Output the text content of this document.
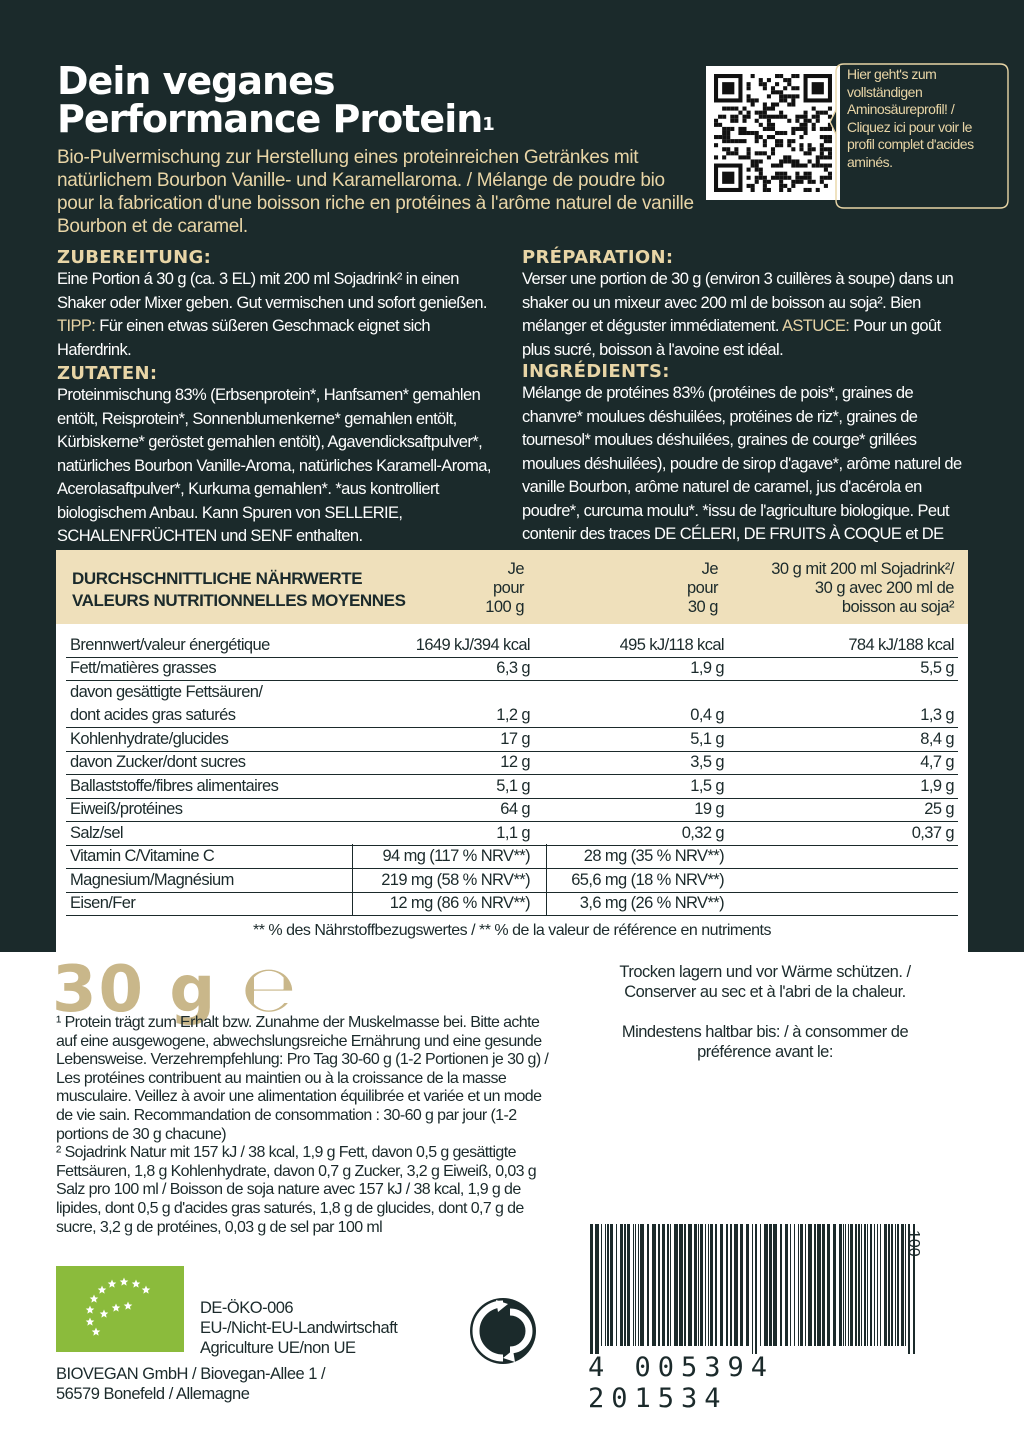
Dein veganes
Performance Protein$^1$
Bio-Pulvermischung zur Herstellung eines proteinreichen Getränkes mit natürlichem Bourbon Vanille- und Karamellaroma. / Mélange de poudre bio pour la fabrication d'une boisson riche en protéines à l'arôme naturel de vanille Bourbon et de caramel.
Hier geht's zum vollständigen Aminosäureprofil! / Cliquez ici pour voir le profil complet d'acides aminés.
ZUBEREITUNG:
Eine Portion á 30 g (ca. 3 EL) mit 200 ml Sojadrink² in einen Shaker oder Mixer geben. Gut vermischen und sofort genießen. TIPP: Für einen etwas süßeren Geschmack eignet sich Haferdrink.
ZUTATEN:
Proteinmischung 83% (Erbsenprotein*, Hanfsamen* gemahlen entölt, Reisprotein*, Sonnenblumenkerne* gemahlen entölt, Kürbiskerne* geröstet gemahlen entölt), Agavendicksaftpulver*, natürliches Bourbon Vanille-Aroma, natürliches Karamell-Aroma, Acerolasaftpulver*, Kurkuma gemahlen*. *aus kontrolliert biologischem Anbau. Kann Spuren von SELLERIE, SCHALENFRÜCHTEN und SENF enthalten.
PRÉPARATION:
Verser une portion de 30 g (environ 3 cuillères à soupe) dans un shaker ou un mixeur avec 200 ml de boisson au soja². Bien mélanger et déguster immédiatement. ASTUCE: Pour un goût plus sucré, boisson à l'avoine est idéal.
INGRÉDIENTS:
Mélange de protéines 83% (protéines de pois*, graines de chanvre* moulues déshuilées, protéines de riz*, graines de tournesol* moulues déshuilées, graines de courge* grillées moulues déshuilées), poudre de sirop d'agave*, arôme naturel de vanille Bourbon, arôme naturel de caramel, jus d'acérola en poudre*, curcuma moulu*. *issu de l'agriculture biologique. Peut contenir des traces DE CÉLERI, DE FRUITS À COQUE et DE
DURCHSCHNITTLICHE NÄHRWERTE
VALEURS NUTRITIONNELLES MOYENNES
Je
pour
100 g
Je
pour
30 g
30 g mit 200 ml Sojadrink²/
30 g avec 200 ml de
boisson au soja²
Brennwert/valeur énergétique	1649 kJ/394 kcal	495 kJ/118 kcal	784 kJ/188 kcal
Fett/matières grasses	6,3 g	1,9 g	5,5 g
davon gesättigte Fettsäuren/
dont acides gras saturés	1,2 g	0,4 g	1,3 g
Kohlenhydrate/glucides	17 g	5,1 g	8,4 g
davon Zucker/dont sucres	12 g	3,5 g	4,7 g
Ballaststoffe/fibres alimentaires	5,1 g	1,5 g	1,9 g
Eiweiß/protéines	64 g	19 g	25 g
Salz/sel	1,1 g	0,32 g	0,37 g
Vitamin C/Vitamine C	94 mg (117 % NRV**)	28 mg (35 % NRV**)
Magnesium/Magnésium	219 mg (58 % NRV**) 65,6 mg (18 % NRV**)
Eisen/Fer	12 mg (86 % NRV**)	3,6 mg (26 % NRV**)
** % des Nährstoffbezugswertes / ** % de la valeur de référence en nutriments
30 g ℮
¹ Protein trägt zum Erhalt bzw. Zunahme der Muskelmasse bei. Bitte achte auf eine ausgewogene, abwechslungsreiche Ernährung und eine gesunde Lebensweise. Verzehrempfehlung: Pro Tag 30-60 g (1-2 Portionen je 30 g) / Les protéines contribuent au maintien ou à la croissance de la masse musculaire. Veillez à avoir une alimentation équilibrée et variée et un mode de vie sain. Recommandation de consommation : 30-60 g par jour (1-2 portions de 30 g chacune)
² Sojadrink Natur mit 157 kJ / 38 kcal, 1,9 g Fett, davon 0,5 g gesättigte Fettsäuren, 1,8 g Kohlenhydrate, davon 0,7 g Zucker, 3,2 g Eiweiß, 0,03 g Salz pro 100 ml / Boisson de soja nature avec 157 kJ / 38 kcal, 1,9 g de lipides, dont 0,5 g d'acides gras saturés, 1,8 g de glucides, dont 0,7 g de sucre, 3,2 g de protéines, 0,03 g de sel par 100 ml
Trocken lagern und vor Wärme schützen. / Conserver au sec et à l'abri de la chaleur.
Mindestens haltbar bis: / à consommer de préférence avant le:
4 005394 201534
100
DE-ÖKO-006
EU-/Nicht-EU-Landwirtschaft
Agriculture UE/non UE
BIOVEGAN GmbH / Biovegan-Allee 1 /
56579 Bonefeld / Allemagne
